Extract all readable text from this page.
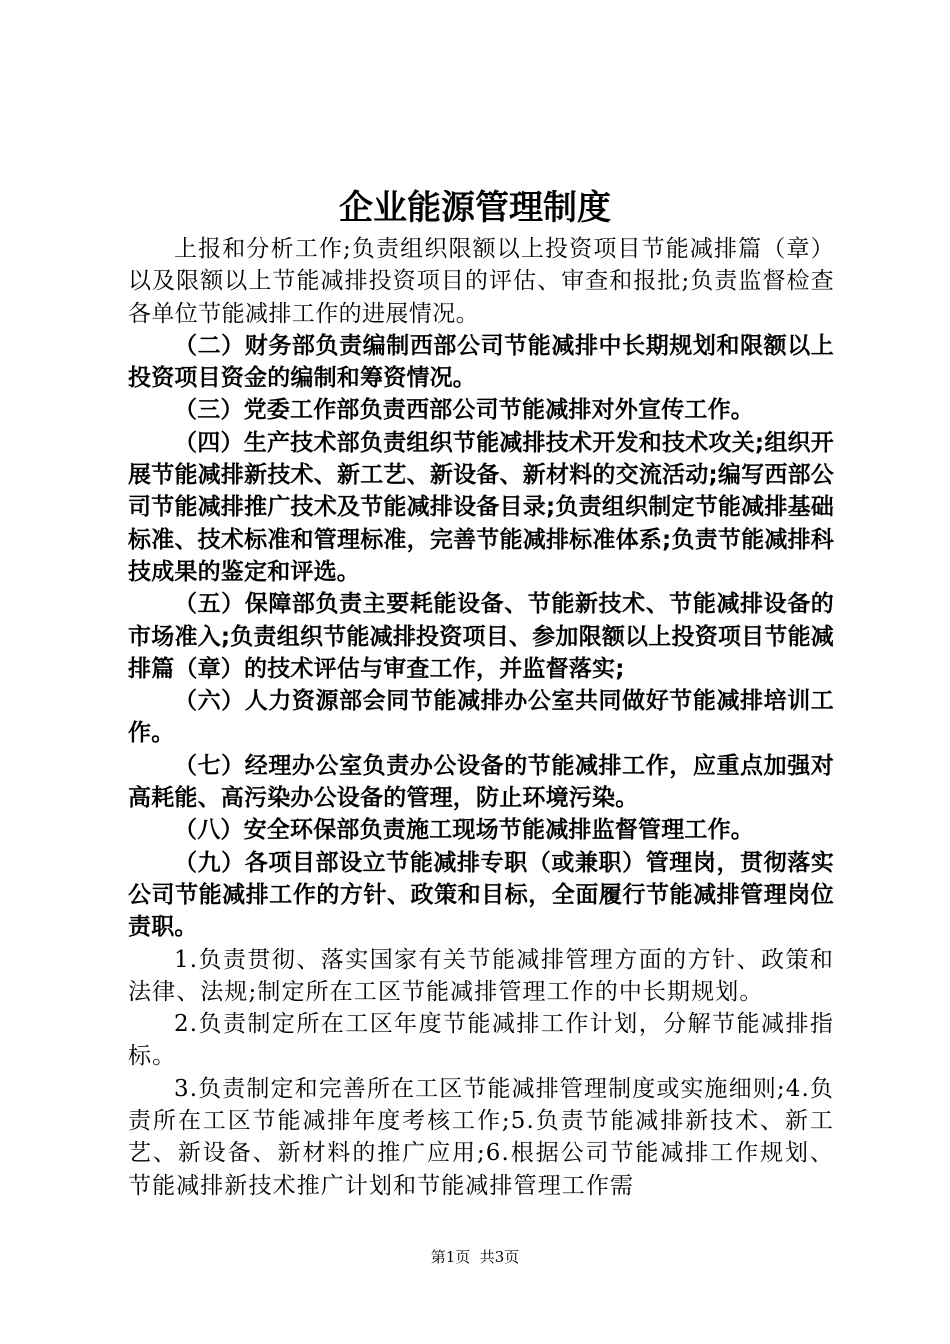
企业能源管理制度

上报和分析工作;负责组织限额以上投资项目节能减排篇（章）以及限额以上节能减排投资项目的评估、审查和报批;负责监督检查各单位节能减排工作的进展情况。

（二）财务部负责编制西部公司节能减排中长期规划和限额以上投资项目资金的编制和筹资情况。

（三）党委工作部负责西部公司节能减排对外宣传工作。

（四）生产技术部负责组织节能减排技术开发和技术攻关;组织开展节能减排新技术、新工艺、新设备、新材料的交流活动;编写西部公司节能减排推广技术及节能减排设备目录;负责组织制定节能减排基础标准、技术标准和管理标准，完善节能减排标准体系;负责节能减排科技成果的鉴定和评选。

（五）保障部负责主要耗能设备、节能新技术、节能减排设备的市场准入;负责组织节能减排投资项目、参加限额以上投资项目节能减排篇（章）的技术评估与审查工作，并监督落实;

（六）人力资源部会同节能减排办公室共同做好节能减排培训工作。

（七）经理办公室负责办公设备的节能减排工作，应重点加强对高耗能、高污染办公设备的管理，防止环境污染。

（八）安全环保部负责施工现场节能减排监督管理工作。

（九）各项目部设立节能减排专职（或兼职）管理岗，贯彻落实公司节能减排工作的方针、政策和目标，全面履行节能减排管理岗位责职。

1.负责贯彻、落实国家有关节能减排管理方面的方针、政策和法律、法规;制定所在工区节能减排管理工作的中长期规划。

2.负责制定所在工区年度节能减排工作计划，分解节能减排指标。

3.负责制定和完善所在工区节能减排管理制度或实施细则;4.负责所在工区节能减排年度考核工作;5.负责节能减排新技术、新工艺、新设备、新材料的推广应用;6.根据公司节能减排工作规划、节能减排新技术推广计划和节能减排管理工作需

第1页  共3页
